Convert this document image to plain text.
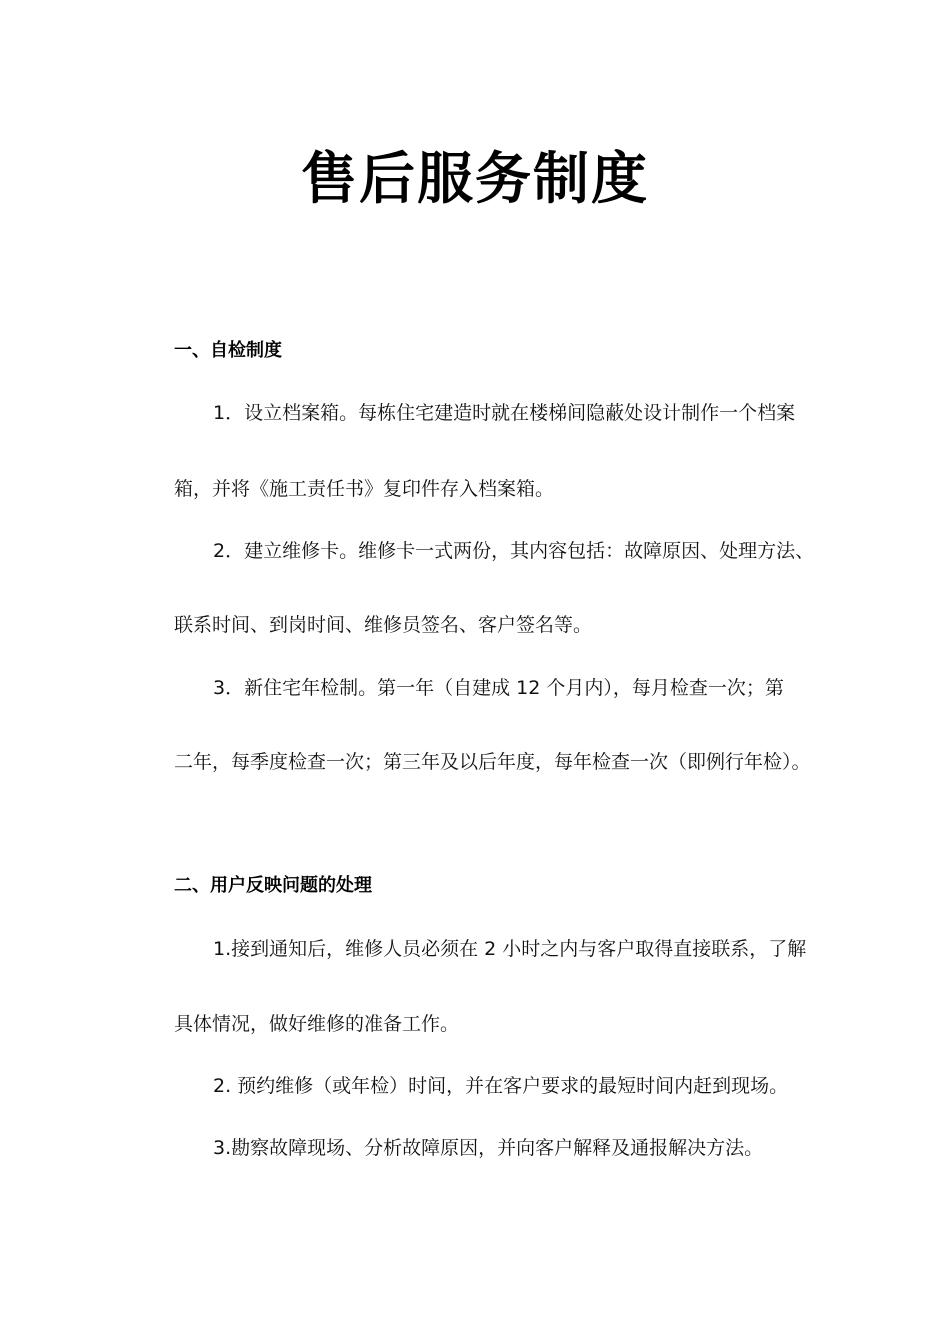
售后服务制度
一、自检制度
1．设立档案箱。每栋住宅建造时就在楼梯间隐蔽处设计制作一个档案
箱，并将《施工责任书》复印件存入档案箱。
2．建立维修卡。维修卡一式两份，其内容包括：故障原因、处理方法、
联系时间、到岗时间、维修员签名、客户签名等。
3．新住宅年检制。第一年（自建成 12 个月内），每月检查一次；第
二年，每季度检查一次；第三年及以后年度，每年检查一次（即例行年检）。
二、用户反映问题的处理
1.接到通知后，维修人员必须在 2 小时之内与客户取得直接联系，了解
具体情况，做好维修的准备工作。
2. 预约维修（或年检）时间，并在客户要求的最短时间内赶到现场。
3.勘察故障现场、分析故障原因，并向客户解释及通报解决方法。
